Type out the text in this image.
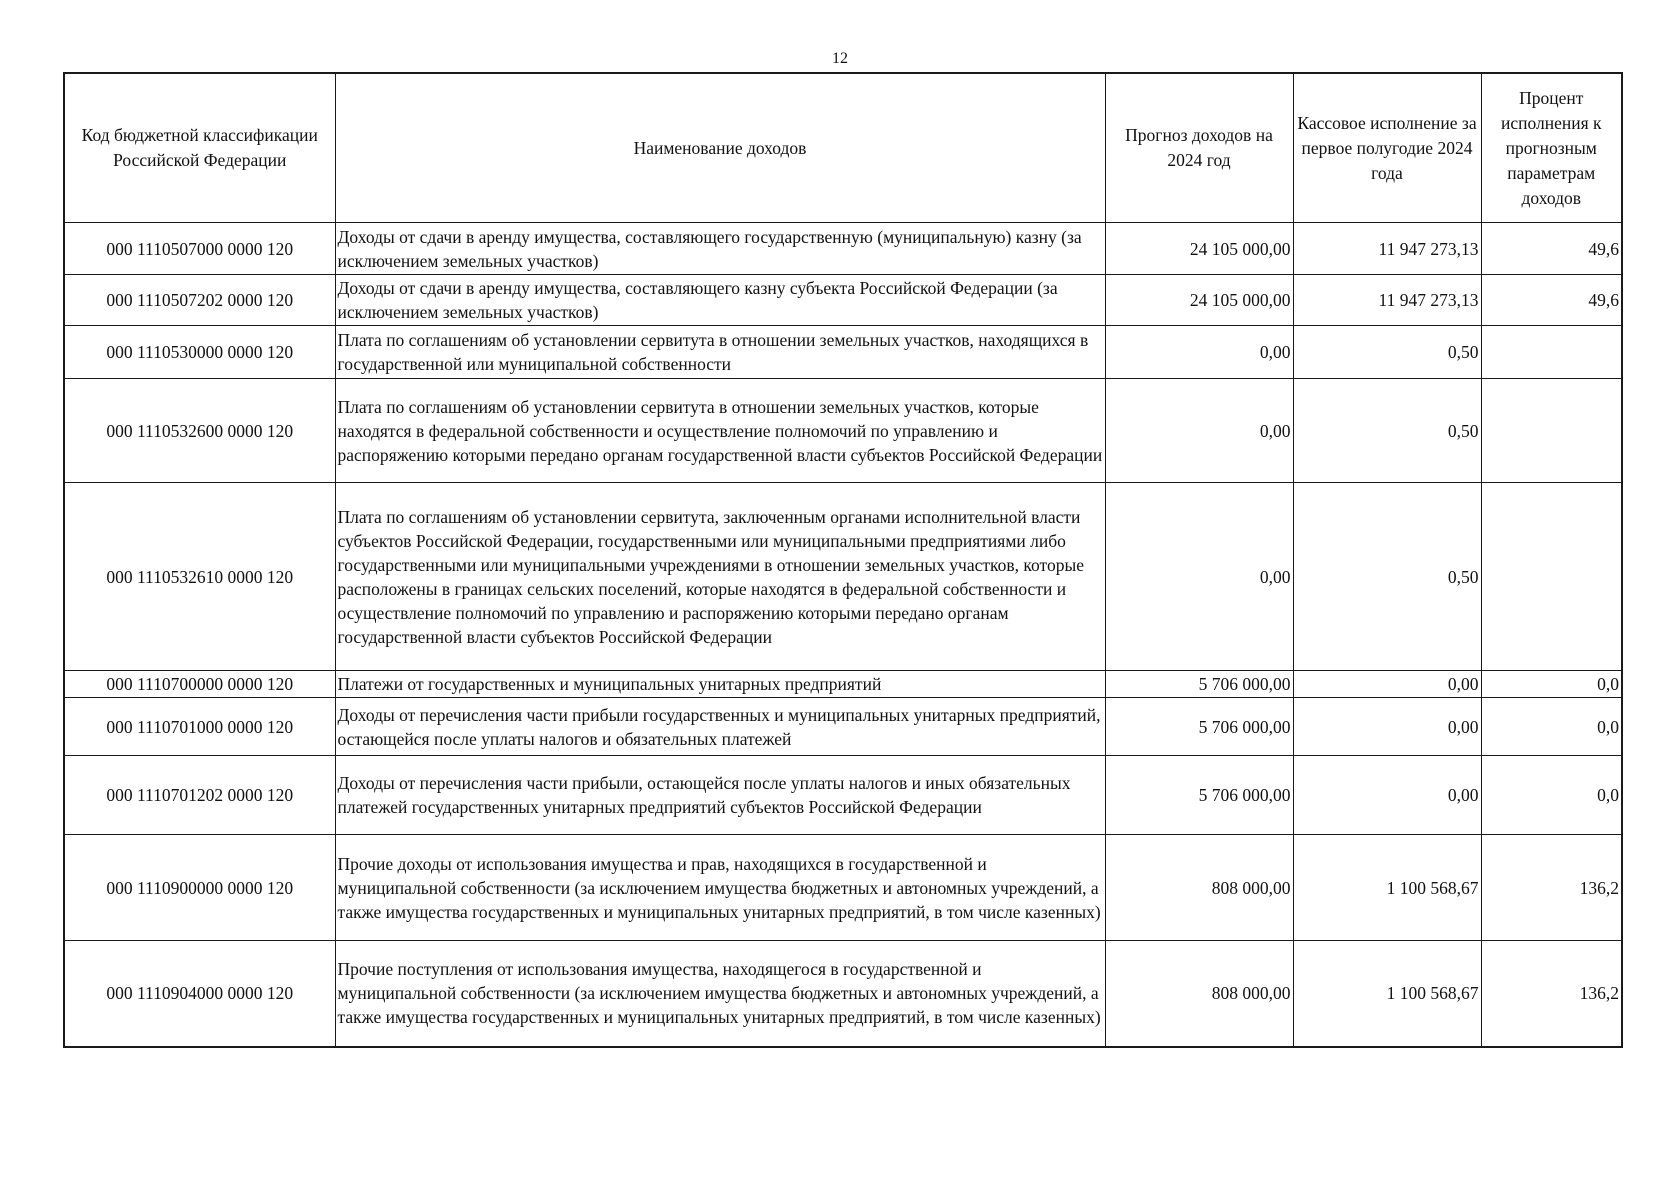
12
Код бюджетной классификации Российской Федерации	Наименование доходов	Прогноз доходов на 2024 год	Кассовое исполнение за первое полугодие 2024 года	Процент исполнения к прогнозным параметрам доходов
000 1110507000 0000 120	Доходы от сдачи в аренду имущества, составляющего государственную (муниципальную) казну (за исключением земельных участков)	24 105 000,00	11 947 273,13	49,6
000 1110507202 0000 120	Доходы от сдачи в аренду имущества, составляющего казну субъекта Российской Федерации (за исключением земельных участков)	24 105 000,00	11 947 273,13	49,6
000 1110530000 0000 120	Плата по соглашениям об установлении сервитута в отношении земельных участков, находящихся в государственной или муниципальной собственности	0,00	0,50	
000 1110532600 0000 120	Плата по соглашениям об установлении сервитута в отношении земельных участков, которые находятся в федеральной собственности и осуществление полномочий по управлению и распоряжению которыми передано органам государственной власти субъектов Российской Федерации	0,00	0,50	
000 1110532610 0000 120	Плата по соглашениям об установлении сервитута, заключенным органами исполнительной власти субъектов Российской Федерации, государственными или муниципальными предприятиями либо государственными или муниципальными учреждениями в отношении земельных участков, которые расположены в границах сельских поселений, которые находятся в федеральной собственности и осуществление полномочий по управлению и распоряжению которыми передано органам государственной власти субъектов Российской Федерации	0,00	0,50	
000 1110700000 0000 120	Платежи от государственных и муниципальных унитарных предприятий	5 706 000,00	0,00	0,0
000 1110701000 0000 120	Доходы от перечисления части прибыли государственных и муниципальных унитарных предприятий, остающейся после уплаты налогов и обязательных платежей	5 706 000,00	0,00	0,0
000 1110701202 0000 120	Доходы от перечисления части прибыли, остающейся после уплаты налогов и иных обязательных платежей государственных унитарных предприятий субъектов Российской Федерации	5 706 000,00	0,00	0,0
000 1110900000 0000 120	Прочие доходы от использования имущества и прав, находящихся в государственной и муниципальной собственности (за исключением имущества бюджетных и автономных учреждений, а также имущества государственных и муниципальных унитарных предприятий, в том числе казенных)	808 000,00	1 100 568,67	136,2
000 1110904000 0000 120	Прочие поступления от использования имущества, находящегося в государственной и муниципальной собственности (за исключением имущества бюджетных и автономных учреждений, а также имущества государственных и муниципальных унитарных предприятий, в том числе казенных)	808 000,00	1 100 568,67	136,2
